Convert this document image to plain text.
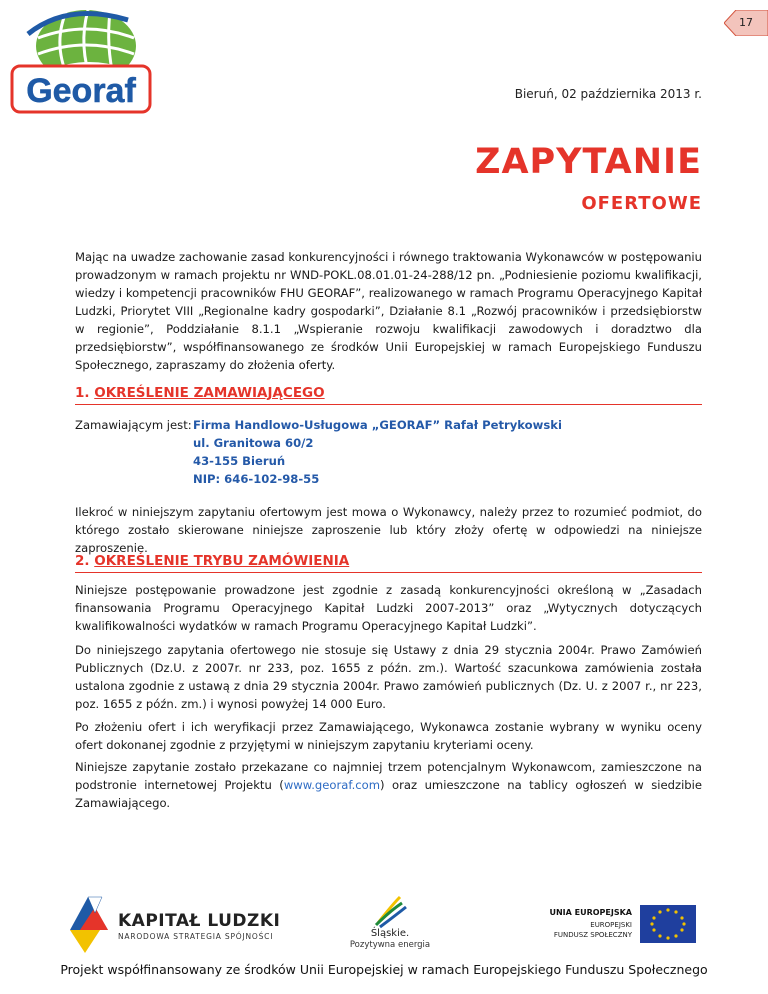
17
Georaf	Bieruń, 02 października 2013 r.
ZAPYTANIE
OFERTOWE

Mając na uwadze zachowanie zasad konkurencyjności i równego traktowania Wykonawców w postępowaniu prowadzonym w ramach projektu nr WND-POKL.08.01.01-24-288/12 pn. „Podniesienie poziomu kwalifikacji, wiedzy i kompetencji pracowników FHU GEORAF”, realizowanego w ramach Programu Operacyjnego Kapitał Ludzki, Priorytet VIII „Regionalne kadry gospodarki”, Działanie 8.1 „Rozwój pracowników i przedsiębiorstw w regionie”, Poddziałanie 8.1.1 „Wspieranie rozwoju kwalifikacji zawodowych i doradztwo dla przedsiębiorstw”, współfinansowanego ze środków Unii Europejskiej w ramach Europejskiego Funduszu Społecznego, zapraszamy do złożenia oferty.

1. OKREŚLENIE ZAMAWIAJĄCEGO
Zamawiającym jest: Firma Handlowo-Usługowa „GEORAF” Rafał Petrykowski
ul. Granitowa 60/2
43-155 Bieruń
NIP: 646-102-98-55

Ilekroć w niniejszym zapytaniu ofertowym jest mowa o Wykonawcy, należy przez to rozumieć podmiot, do którego zostało skierowane niniejsze zaproszenie lub który złoży ofertę w odpowiedzi na niniejsze zaproszenie.

2. OKREŚLENIE TRYBU ZAMÓWIENIA

Niniejsze postępowanie prowadzone jest zgodnie z zasadą konkurencyjności określoną w „Zasadach finansowania Programu Operacyjnego Kapitał Ludzki 2007-2013” oraz „Wytycznych dotyczących kwalifikowalności wydatków w ramach Programu Operacyjnego Kapitał Ludzki”.

Do niniejszego zapytania ofertowego nie stosuje się Ustawy z dnia 29 stycznia 2004r. Prawo Zamówień Publicznych (Dz.U. z 2007r. nr 233, poz. 1655 z późn. zm.). Wartość szacunkowa zamówienia została ustalona zgodnie z ustawą z dnia 29 stycznia 2004r. Prawo zamówień publicznych (Dz. U. z 2007 r., nr 223, poz. 1655 z późn. zm.) i wynosi powyżej 14 000 Euro.

Po złożeniu ofert i ich weryfikacji przez Zamawiającego, Wykonawca zostanie wybrany w wyniku oceny ofert dokonanej zgodnie z przyjętymi w niniejszym zapytaniu kryteriami oceny.

Niniejsze zapytanie zostało przekazane co najmniej trzem potencjalnym Wykonawcom, zamieszczone na podstronie internetowej Projektu (www.georaf.com) oraz umieszczone na tablicy ogłoszeń w siedzibie Zamawiającego.

KAPITAŁ LUDZKI
NARODOWA STRATEGIA SPÓJNOŚCI	Śląskie.
Pozytywna energia
UNIA EUROPEJSKA
EUROPEJSKI
FUNDUSZ SPOŁECZNY
Projekt współfinansowany ze środków Unii Europejskiej w ramach Europejskiego Funduszu Społecznego
